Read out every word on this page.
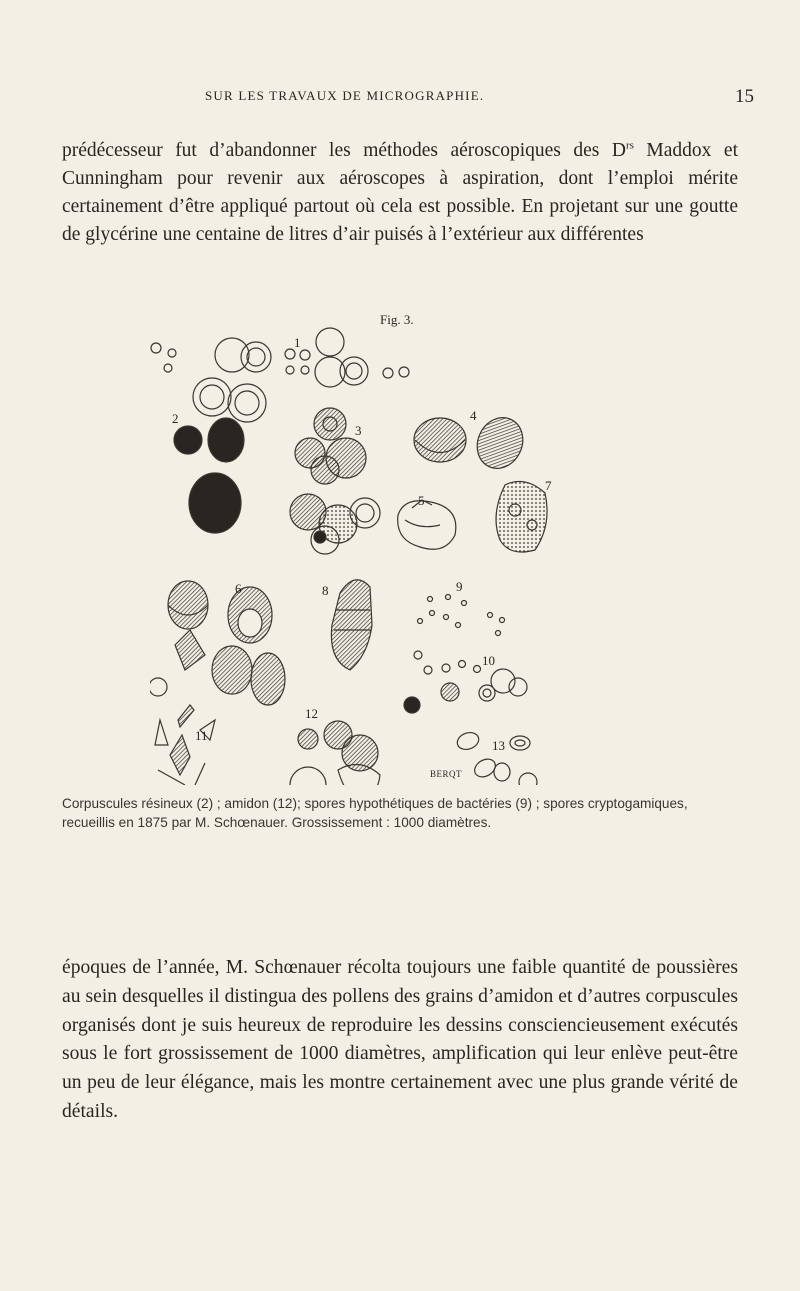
SUR LES TRAVAUX DE MICROGRAPHIE.	15

prédécesseur fut d’abandonner les méthodes aéroscopiques des $D^{rs}$ Maddox et Cunningham pour revenir aux aéroscopes à aspiration, dont l’emploi mérite certainement d’être appliqué partout où cela est possible. En projetant sur une goutte de glycérine une centaine de litres d’air puisés à l’extérieur aux différentes

Fig. 3.
1
2
3
4
5
6
7
8	9
10
11
12
13
BERQT

Corpuscules résineux (2) ; amidon (12); spores hypothétiques de bactéries (9) ; spores cryptogamiques, recueillis en 1875 par M. Schœnauer. Grossissement : 1000 diamètres.

époques de l’année, M. Schœnauer récolta toujours une faible quantité de poussières au sein desquelles il distingua des pollens des grains d’amidon et d’autres corpuscules organisés dont je suis heureux de reproduire les dessins consciencieusement exécutés sous le fort grossissement de 1000 diamètres, amplification qui leur enlève peut-être un peu de leur élégance, mais les montre certainement avec une plus grande vérité de détails.
